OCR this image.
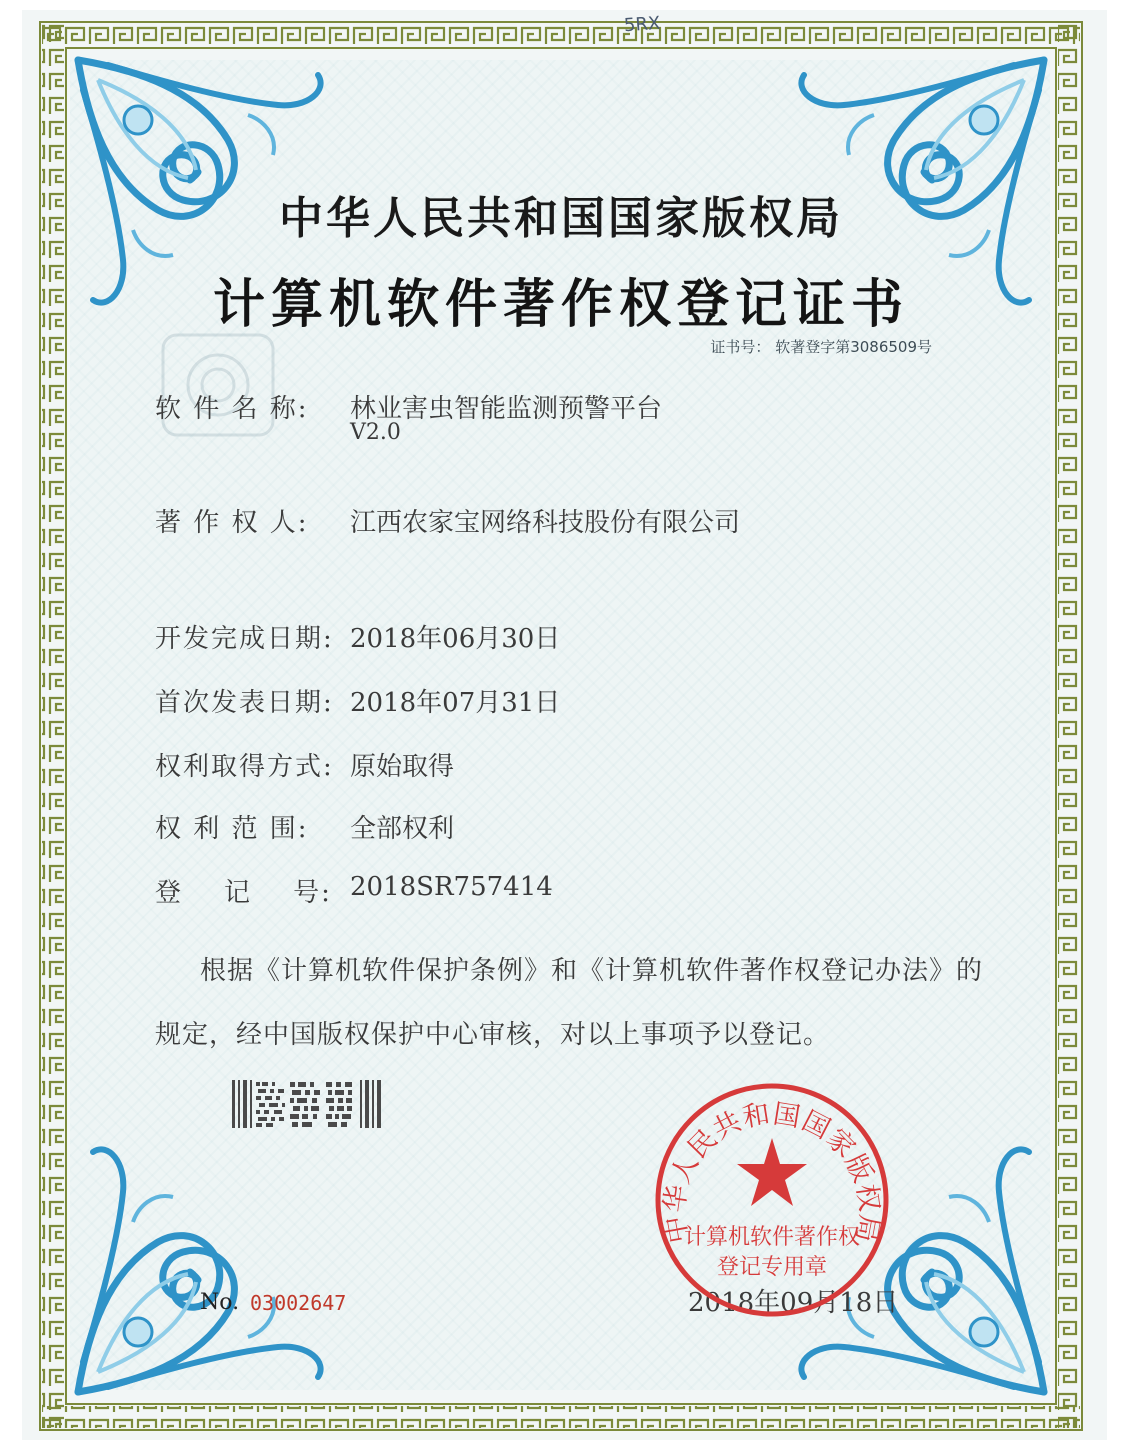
5RX
中华人民共和国国家版权局
计算机软件著作权登记证书
证书号： 软著登字第3086509号
软 件 名 称: 林业害虫智能监测预警平台
V2.0
著 作 权 人: 江西农家宝网络科技股份有限公司
开发完成日期: 2018年06月30日
首次发表日期: 2018年07月31日
权利取得方式: 原始取得
权 利 范 围: 全部权利
登    记    号: 2018SR757414
根据《计算机软件保护条例》和《计算机软件著作权登记办法》的
规定，经中国版权保护中心审核，对以上事项予以登记。
No. 03002647	2018年09月18日
中华人民共和国国家版权局
计算机软件著作权
登记专用章
